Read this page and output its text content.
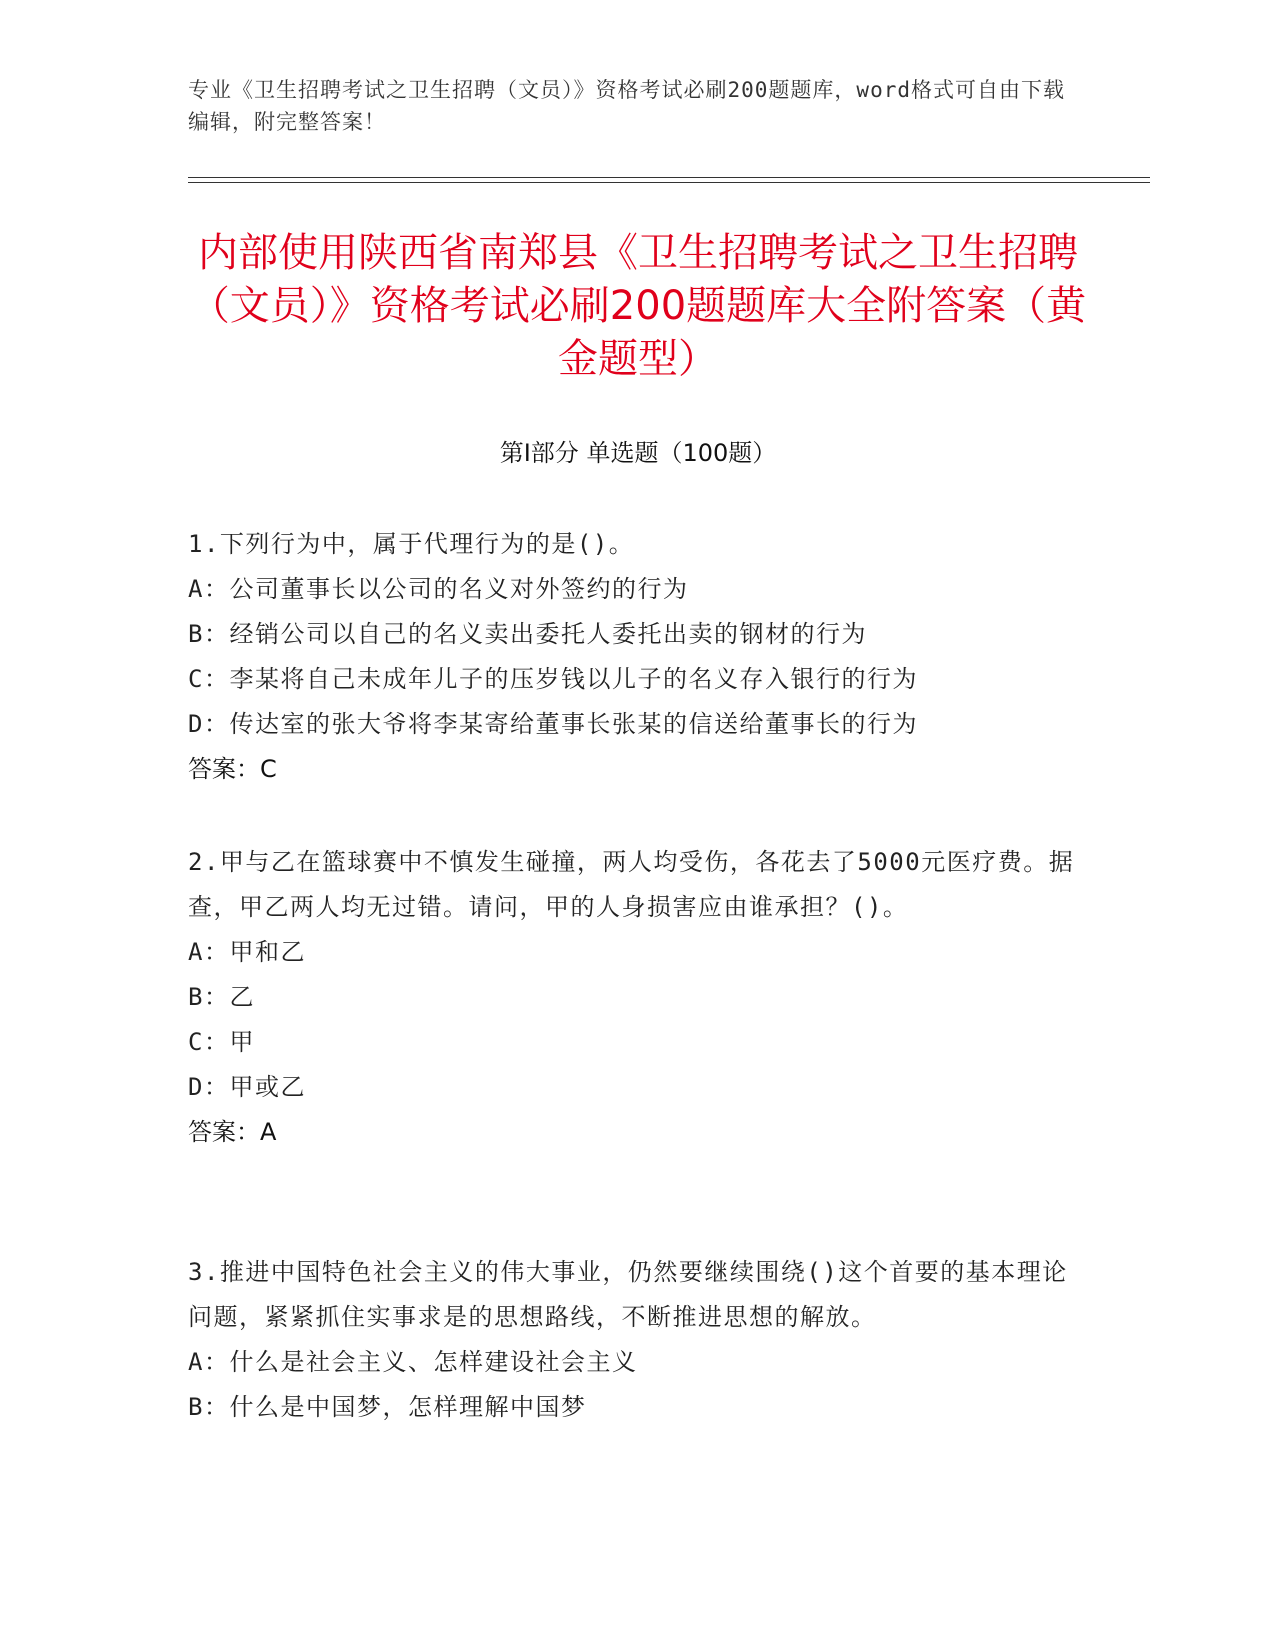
专业《卫生招聘考试之卫生招聘（文员）》资格考试必刷200题题库，word格式可自由下载编辑，附完整答案！
内部使用陕西省南郑县《卫生招聘考试之卫生招聘（文员）》资格考试必刷200题题库大全附答案（黄金题型）
第Ⅰ部分 单选题（100题）
1.下列行为中，属于代理行为的是()。
A：公司董事长以公司的名义对外签约的行为
B：经销公司以自己的名义卖出委托人委托出卖的钢材的行为
C：李某将自己未成年儿子的压岁钱以儿子的名义存入银行的行为
D：传达室的张大爷将李某寄给董事长张某的信送给董事长的行为
答案：C
2.甲与乙在篮球赛中不慎发生碰撞，两人均受伤，各花去了5000元医疗费。据查，甲乙两人均无过错。请问，甲的人身损害应由谁承担？()。
A：甲和乙
B：乙
C：甲
D：甲或乙
答案：A
3.推进中国特色社会主义的伟大事业，仍然要继续围绕()这个首要的基本理论问题，紧紧抓住实事求是的思想路线，不断推进思想的解放。
A：什么是社会主义、怎样建设社会主义
B：什么是中国梦，怎样理解中国梦
